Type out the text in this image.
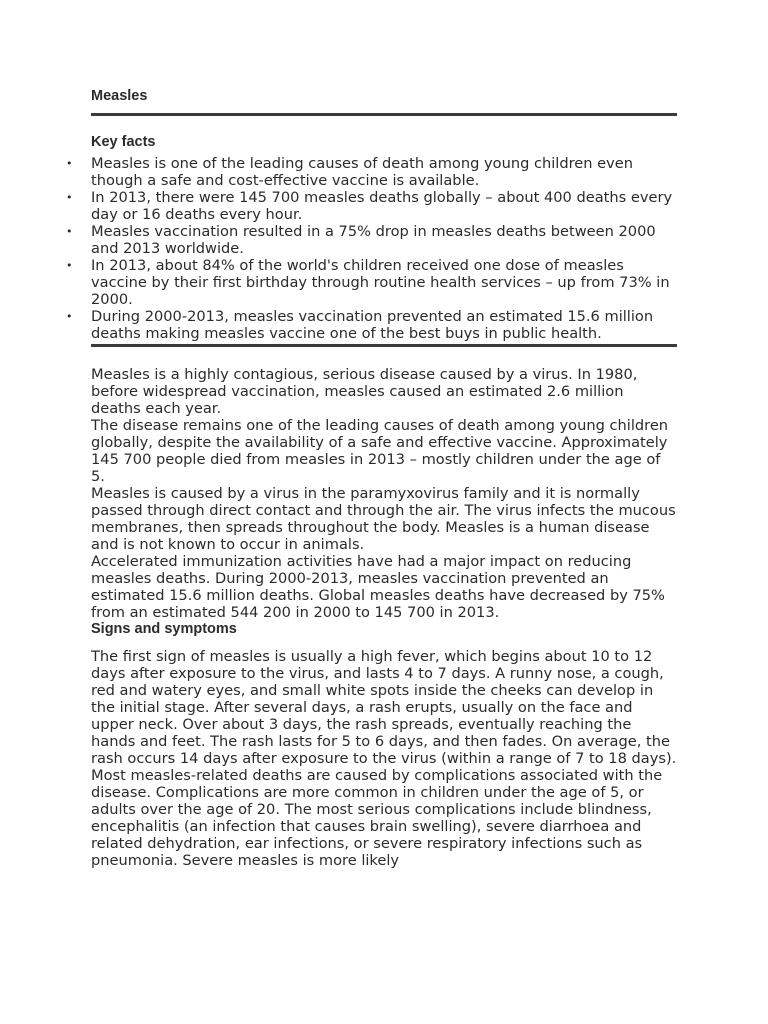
Measles
Key facts
• Measles is one of the leading causes of death among young children even though a safe and cost-effective vaccine is available.
• In 2013, there were 145 700 measles deaths globally – about 400 deaths every day or 16 deaths every hour.
• Measles vaccination resulted in a 75% drop in measles deaths between 2000 and 2013 worldwide.
• In 2013, about 84% of the world's children received one dose of measles vaccine by their first birthday through routine health services – up from 73% in 2000.
• During 2000-2013, measles vaccination prevented an estimated 15.6 million deaths making measles vaccine one of the best buys in public health.

Measles is a highly contagious, serious disease caused by a virus. In 1980, before widespread vaccination, measles caused an estimated 2.6 million deaths each year.

The disease remains one of the leading causes of death among young children globally, despite the availability of a safe and effective vaccine. Approximately 145 700 people died from measles in 2013 – mostly children under the age of 5.

Measles is caused by a virus in the paramyxovirus family and it is normally passed through direct contact and through the air. The virus infects the mucous membranes, then spreads throughout the body. Measles is a human disease and is not known to occur in animals.

Accelerated immunization activities have had a major impact on reducing measles deaths. During 2000-2013, measles vaccination prevented an estimated 15.6 million deaths. Global measles deaths have decreased by 75% from an estimated 544 200 in 2000 to 145 700 in 2013.

Signs and symptoms

The first sign of measles is usually a high fever, which begins about 10 to 12 days after exposure to the virus, and lasts 4 to 7 days. A runny nose, a cough, red and watery eyes, and small white spots inside the cheeks can develop in the initial stage. After several days, a rash erupts, usually on the face and upper neck. Over about 3 days, the rash spreads, eventually reaching the hands and feet. The rash lasts for 5 to 6 days, and then fades. On average, the rash occurs 14 days after exposure to the virus (within a range of 7 to 18 days).

Most measles-related deaths are caused by complications associated with the disease. Complications are more common in children under the age of 5, or adults over the age of 20. The most serious complications include blindness, encephalitis (an infection that causes brain swelling), severe diarrhoea and related dehydration, ear infections, or severe respiratory infections such as pneumonia. Severe measles is more likely
